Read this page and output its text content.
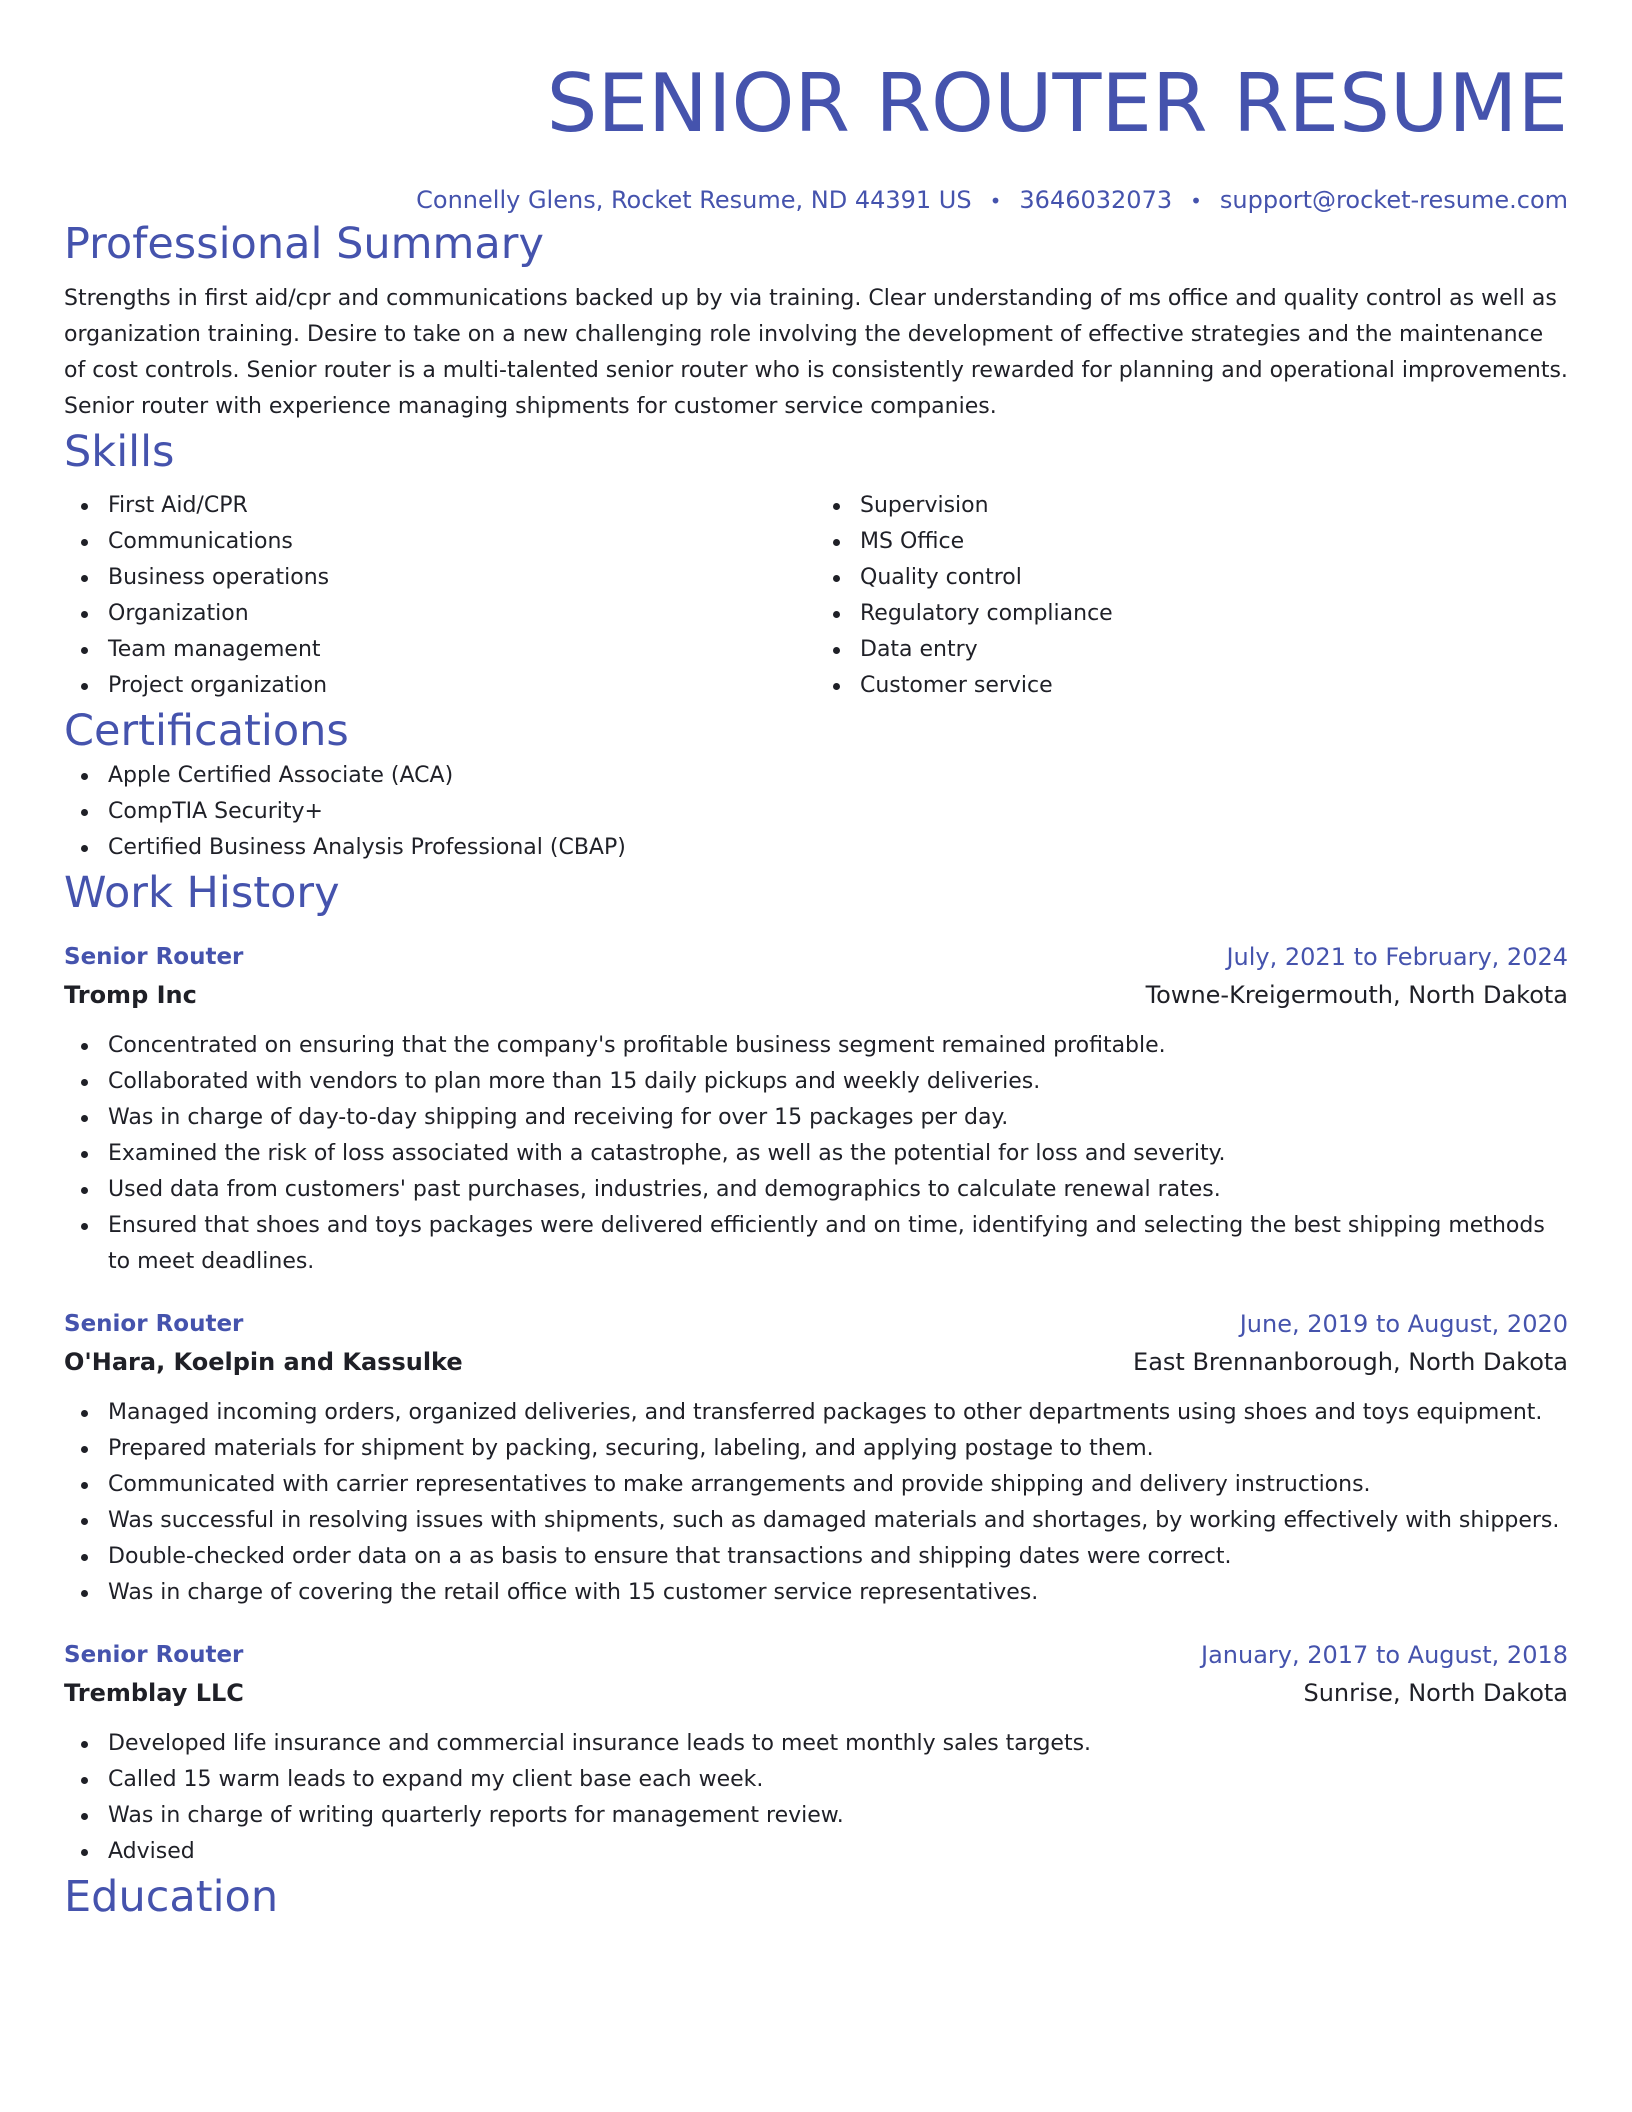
SENIOR ROUTER RESUME
Connelly Glens, Rocket Resume, ND 44391 US • 3646032073 • support@rocket-resume.com
Professional Summary
Strengths in first aid/cpr and communications backed up by via training. Clear understanding of ms office and quality control as well as organization training. Desire to take on a new challenging role involving the development of effective strategies and the maintenance of cost controls. Senior router is a multi-talented senior router who is consistently rewarded for planning and operational improvements. Senior router with experience managing shipments for customer service companies.
Skills
First Aid/CPR
Communications
Business operations
Organization
Team management
Project organization
Supervision
MS Office
Quality control
Regulatory compliance
Data entry
Customer service
Certifications
Apple Certified Associate (ACA)
CompTIA Security+
Certified Business Analysis Professional (CBAP)
Work History
Senior Router	July, 2021 to February, 2024
Tromp Inc	Towne-Kreigermouth, North Dakota
Concentrated on ensuring that the company's profitable business segment remained profitable.
Collaborated with vendors to plan more than 15 daily pickups and weekly deliveries.
Was in charge of day-to-day shipping and receiving for over 15 packages per day.
Examined the risk of loss associated with a catastrophe, as well as the potential for loss and severity.
Used data from customers' past purchases, industries, and demographics to calculate renewal rates.
Ensured that shoes and toys packages were delivered efficiently and on time, identifying and selecting the best shipping methods to meet deadlines.
Senior Router	June, 2019 to August, 2020
O'Hara, Koelpin and Kassulke	East Brennanborough, North Dakota
Managed incoming orders, organized deliveries, and transferred packages to other departments using shoes and toys equipment.
Prepared materials for shipment by packing, securing, labeling, and applying postage to them.
Communicated with carrier representatives to make arrangements and provide shipping and delivery instructions.
Was successful in resolving issues with shipments, such as damaged materials and shortages, by working effectively with shippers.
Double-checked order data on a as basis to ensure that transactions and shipping dates were correct.
Was in charge of covering the retail office with 15 customer service representatives.
Senior Router	January, 2017 to August, 2018
Tremblay LLC	Sunrise, North Dakota
Developed life insurance and commercial insurance leads to meet monthly sales targets.
Called 15 warm leads to expand my client base each week.
Was in charge of writing quarterly reports for management review.
Advised
Education
